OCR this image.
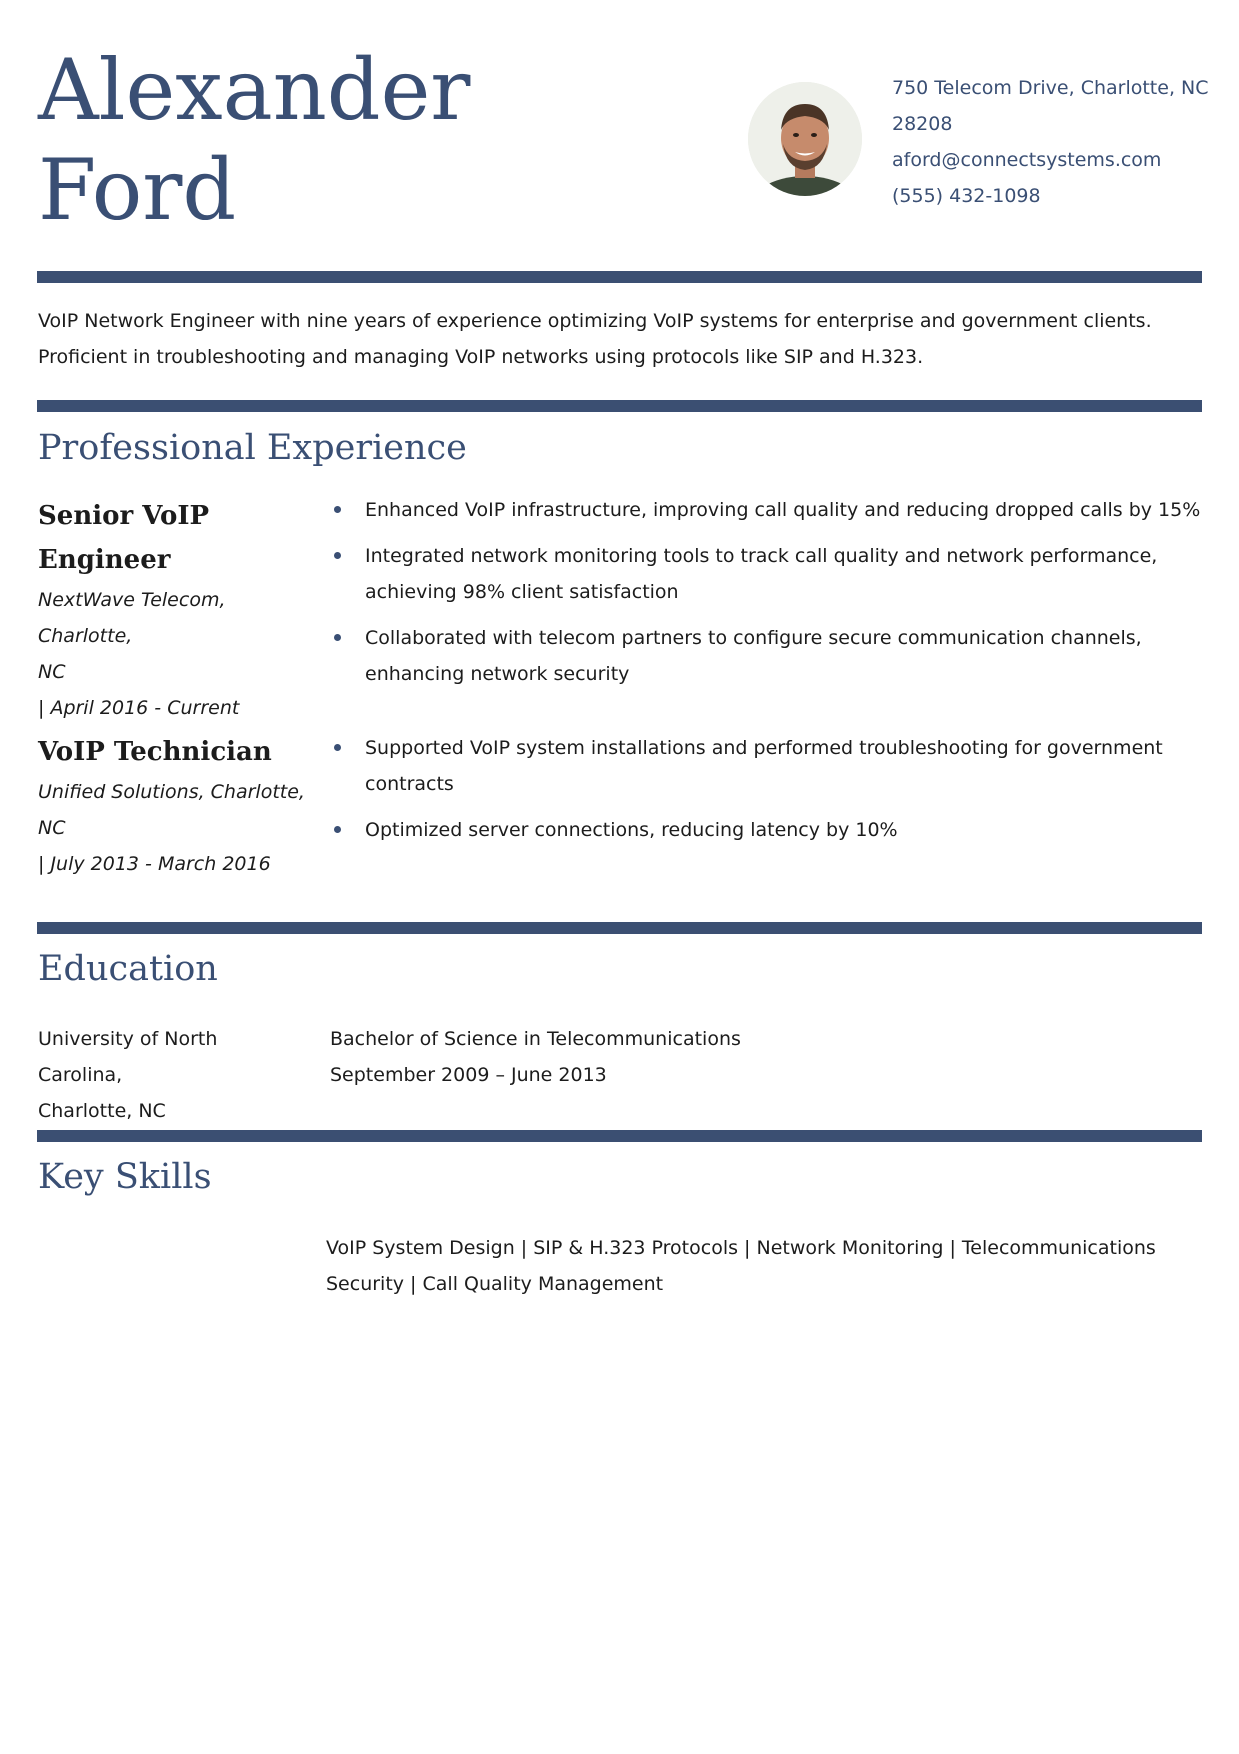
Alexander
Ford
750 Telecom Drive, Charlotte, NC
28208
aford@connectsystems.com
(555) 432-1098
VoIP Network Engineer with nine years of experience optimizing VoIP systems for enterprise and government clients. Proficient in troubleshooting and managing VoIP networks using protocols like SIP and H.323.
Professional Experience
Senior VoIP
Engineer
NextWave Telecom, Charlotte,
NC
| April 2016 - Current
Enhanced VoIP infrastructure, improving call quality and reducing dropped calls by 15%
Integrated network monitoring tools to track call quality and network performance, achieving 98% client satisfaction
Collaborated with telecom partners to configure secure communication channels, enhancing network security
VoIP Technician
Unified Solutions, Charlotte,
NC
| July 2013 - March 2016
Supported VoIP system installations and performed troubleshooting for government contracts
Optimized server connections, reducing latency by 10%
Education
University of North Carolina,
Charlotte, NC
Bachelor of Science in Telecommunications
September 2009 – June 2013
Key Skills
VoIP System Design | SIP & H.323 Protocols | Network Monitoring | Telecommunications Security | Call Quality Management
